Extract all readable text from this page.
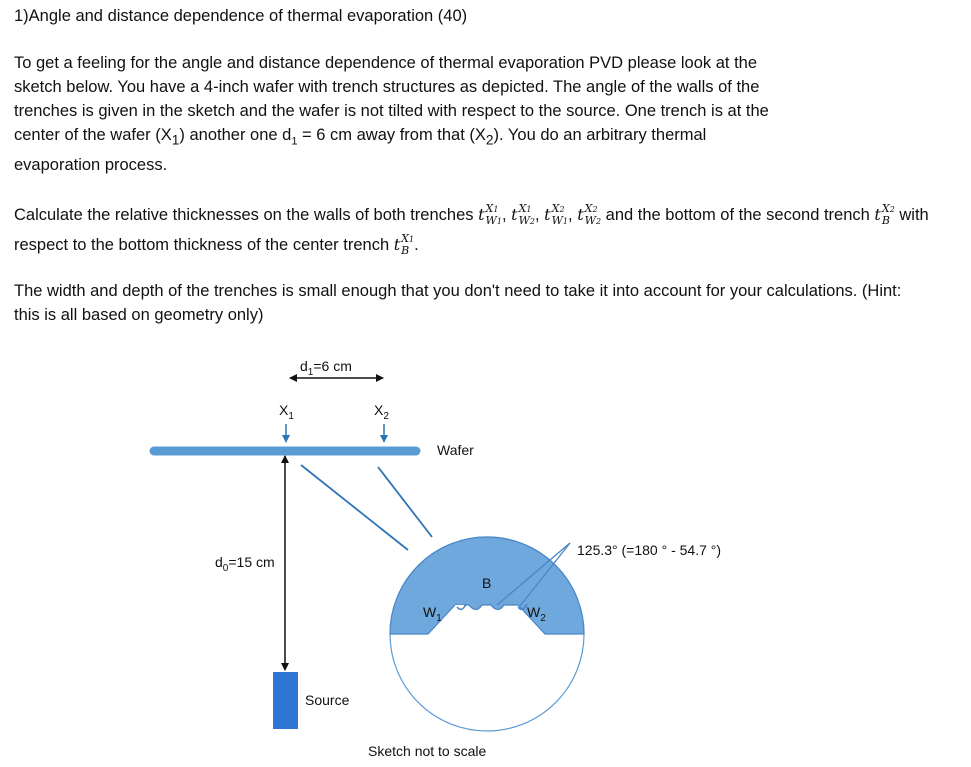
1)Angle and distance dependence of thermal evaporation (40)

To get a feeling for the angle and distance dependence of thermal evaporation PVD please look at the sketch below. You have a 4-inch wafer with trench structures as depicted. The angle of the walls of the trenches is given in the sketch and the wafer is not tilted with respect to the source. One trench is at the center of the wafer $(X_1)$ another one $d_1 = 6$ cm away from that $(X_2)$. You do an arbitrary thermal evaporation process.

Calculate the relative thicknesses on the walls of both trenches t X1
W1 , t X1
W2 , t X2
W1 , t X2
W2 and the bottom of the second trench t X2
B with respect to the bottom thickness of the center trench t X1
B .

The width and depth of the trenches is small enough that you don't need to take it into account for your calculations. (Hint: this is all based on geometry only)

$d_1=6$ cm
$X_1$	$X_2$
Wafer
$d_0=15$ cm
Source
B
$W_1$	$W_2$
125.3° (=180 ° - 54.7 °)
Sketch not to scale
